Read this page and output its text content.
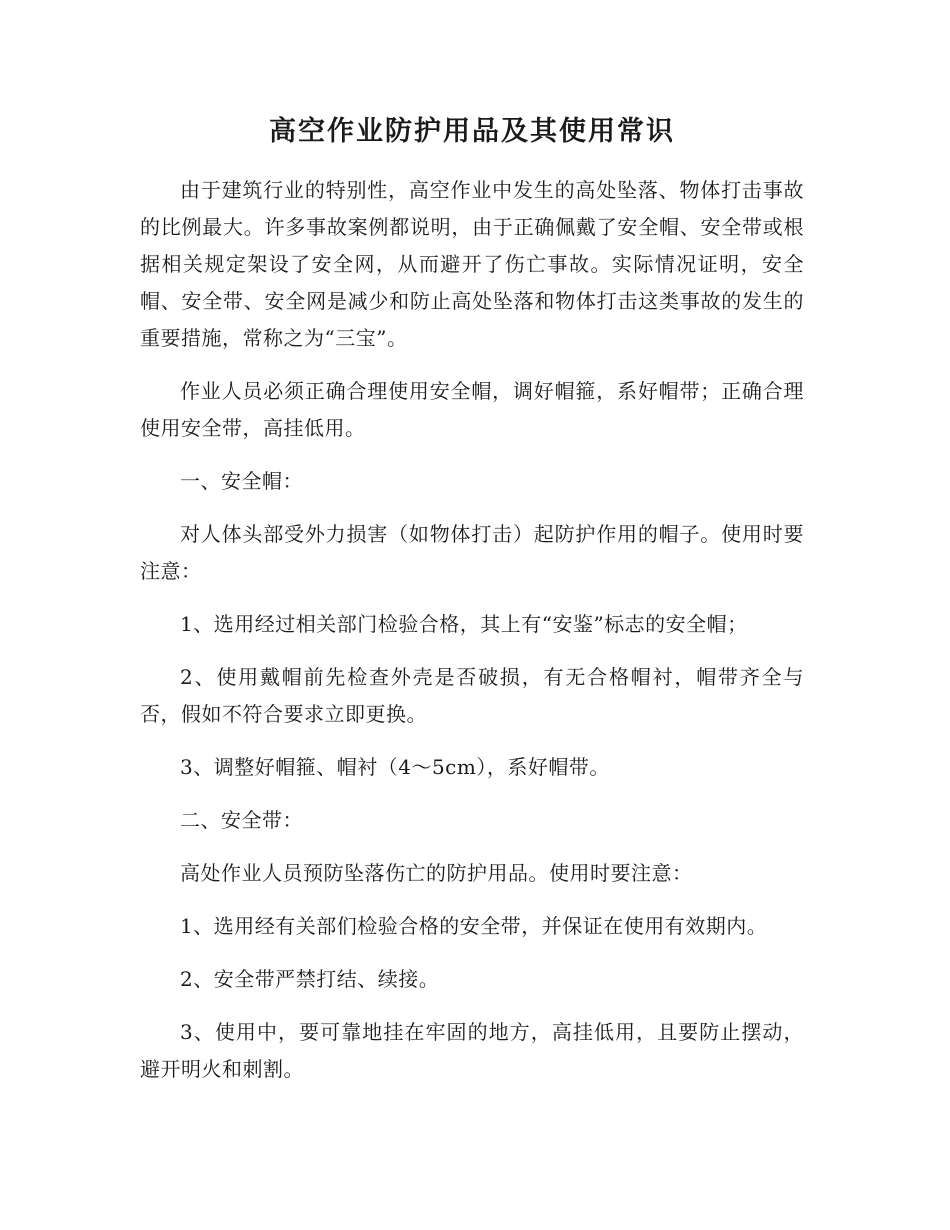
高空作业防护用品及其使用常识

由于建筑行业的特别性，高空作业中发生的高处坠落、物体打击事故的比例最大。许多事故案例都说明，由于正确佩戴了安全帽、安全带或根据相关规定架设了安全网，从而避开了伤亡事故。实际情况证明，安全帽、安全带、安全网是减少和防止高处坠落和物体打击这类事故的发生的重要措施，常称之为“三宝”。

作业人员必须正确合理使用安全帽，调好帽箍，系好帽带；正确合理使用安全带，高挂低用。

一、安全帽：

对人体头部受外力损害（如物体打击）起防护作用的帽子。使用时要注意：

1、选用经过相关部门检验合格，其上有“安鉴”标志的安全帽；

2、使用戴帽前先检查外壳是否破损，有无合格帽衬，帽带齐全与否，假如不符合要求立即更换。

3、调整好帽箍、帽衬（4～5cm），系好帽带。

二、安全带：

高处作业人员预防坠落伤亡的防护用品。使用时要注意：

1、选用经有关部们检验合格的安全带，并保证在使用有效期内。

2、安全带严禁打结、续接。

3、使用中，要可靠地挂在牢固的地方，高挂低用，且要防止摆动，避开明火和刺割。
